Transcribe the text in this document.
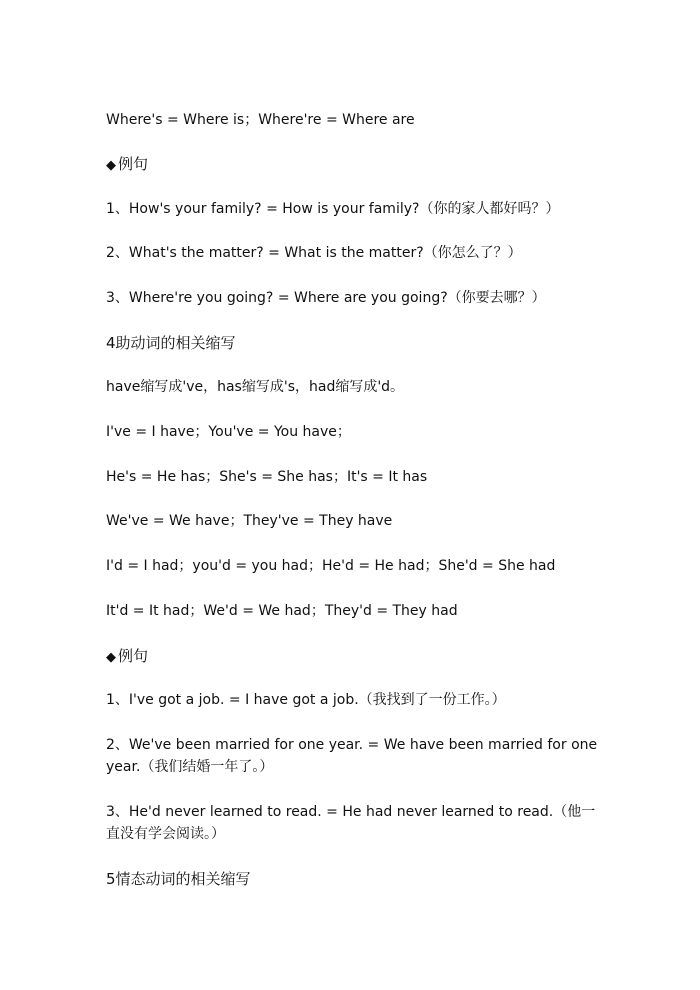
Where's = Where is；Where're = Where are
◆ 例句
1、How's your family? = How is your family?（你的家人都好吗？）
2、What's the matter? = What is the matter?（你怎么了？）
3、Where're you going? = Where are you going?（你要去哪？）
4助动词的相关缩写
have缩写成've，has缩写成's，had缩写成'd。
I've = I have；You've = You have；
He's = He has；She's = She has；It's = It has
We've = We have；They've = They have
I'd = I had；you'd = you had；He'd = He had；She'd = She had
It'd = It had；We'd = We had；They'd = They had
◆ 例句
1、I've got a job. = I have got a job.（我找到了一份工作。）
2、We've been married for one year. = We have been married for one year.（我们结婚一年了。）
3、He'd never learned to read. = He had never learned to read.（他一直没有学会阅读。）
5情态动词的相关缩写
